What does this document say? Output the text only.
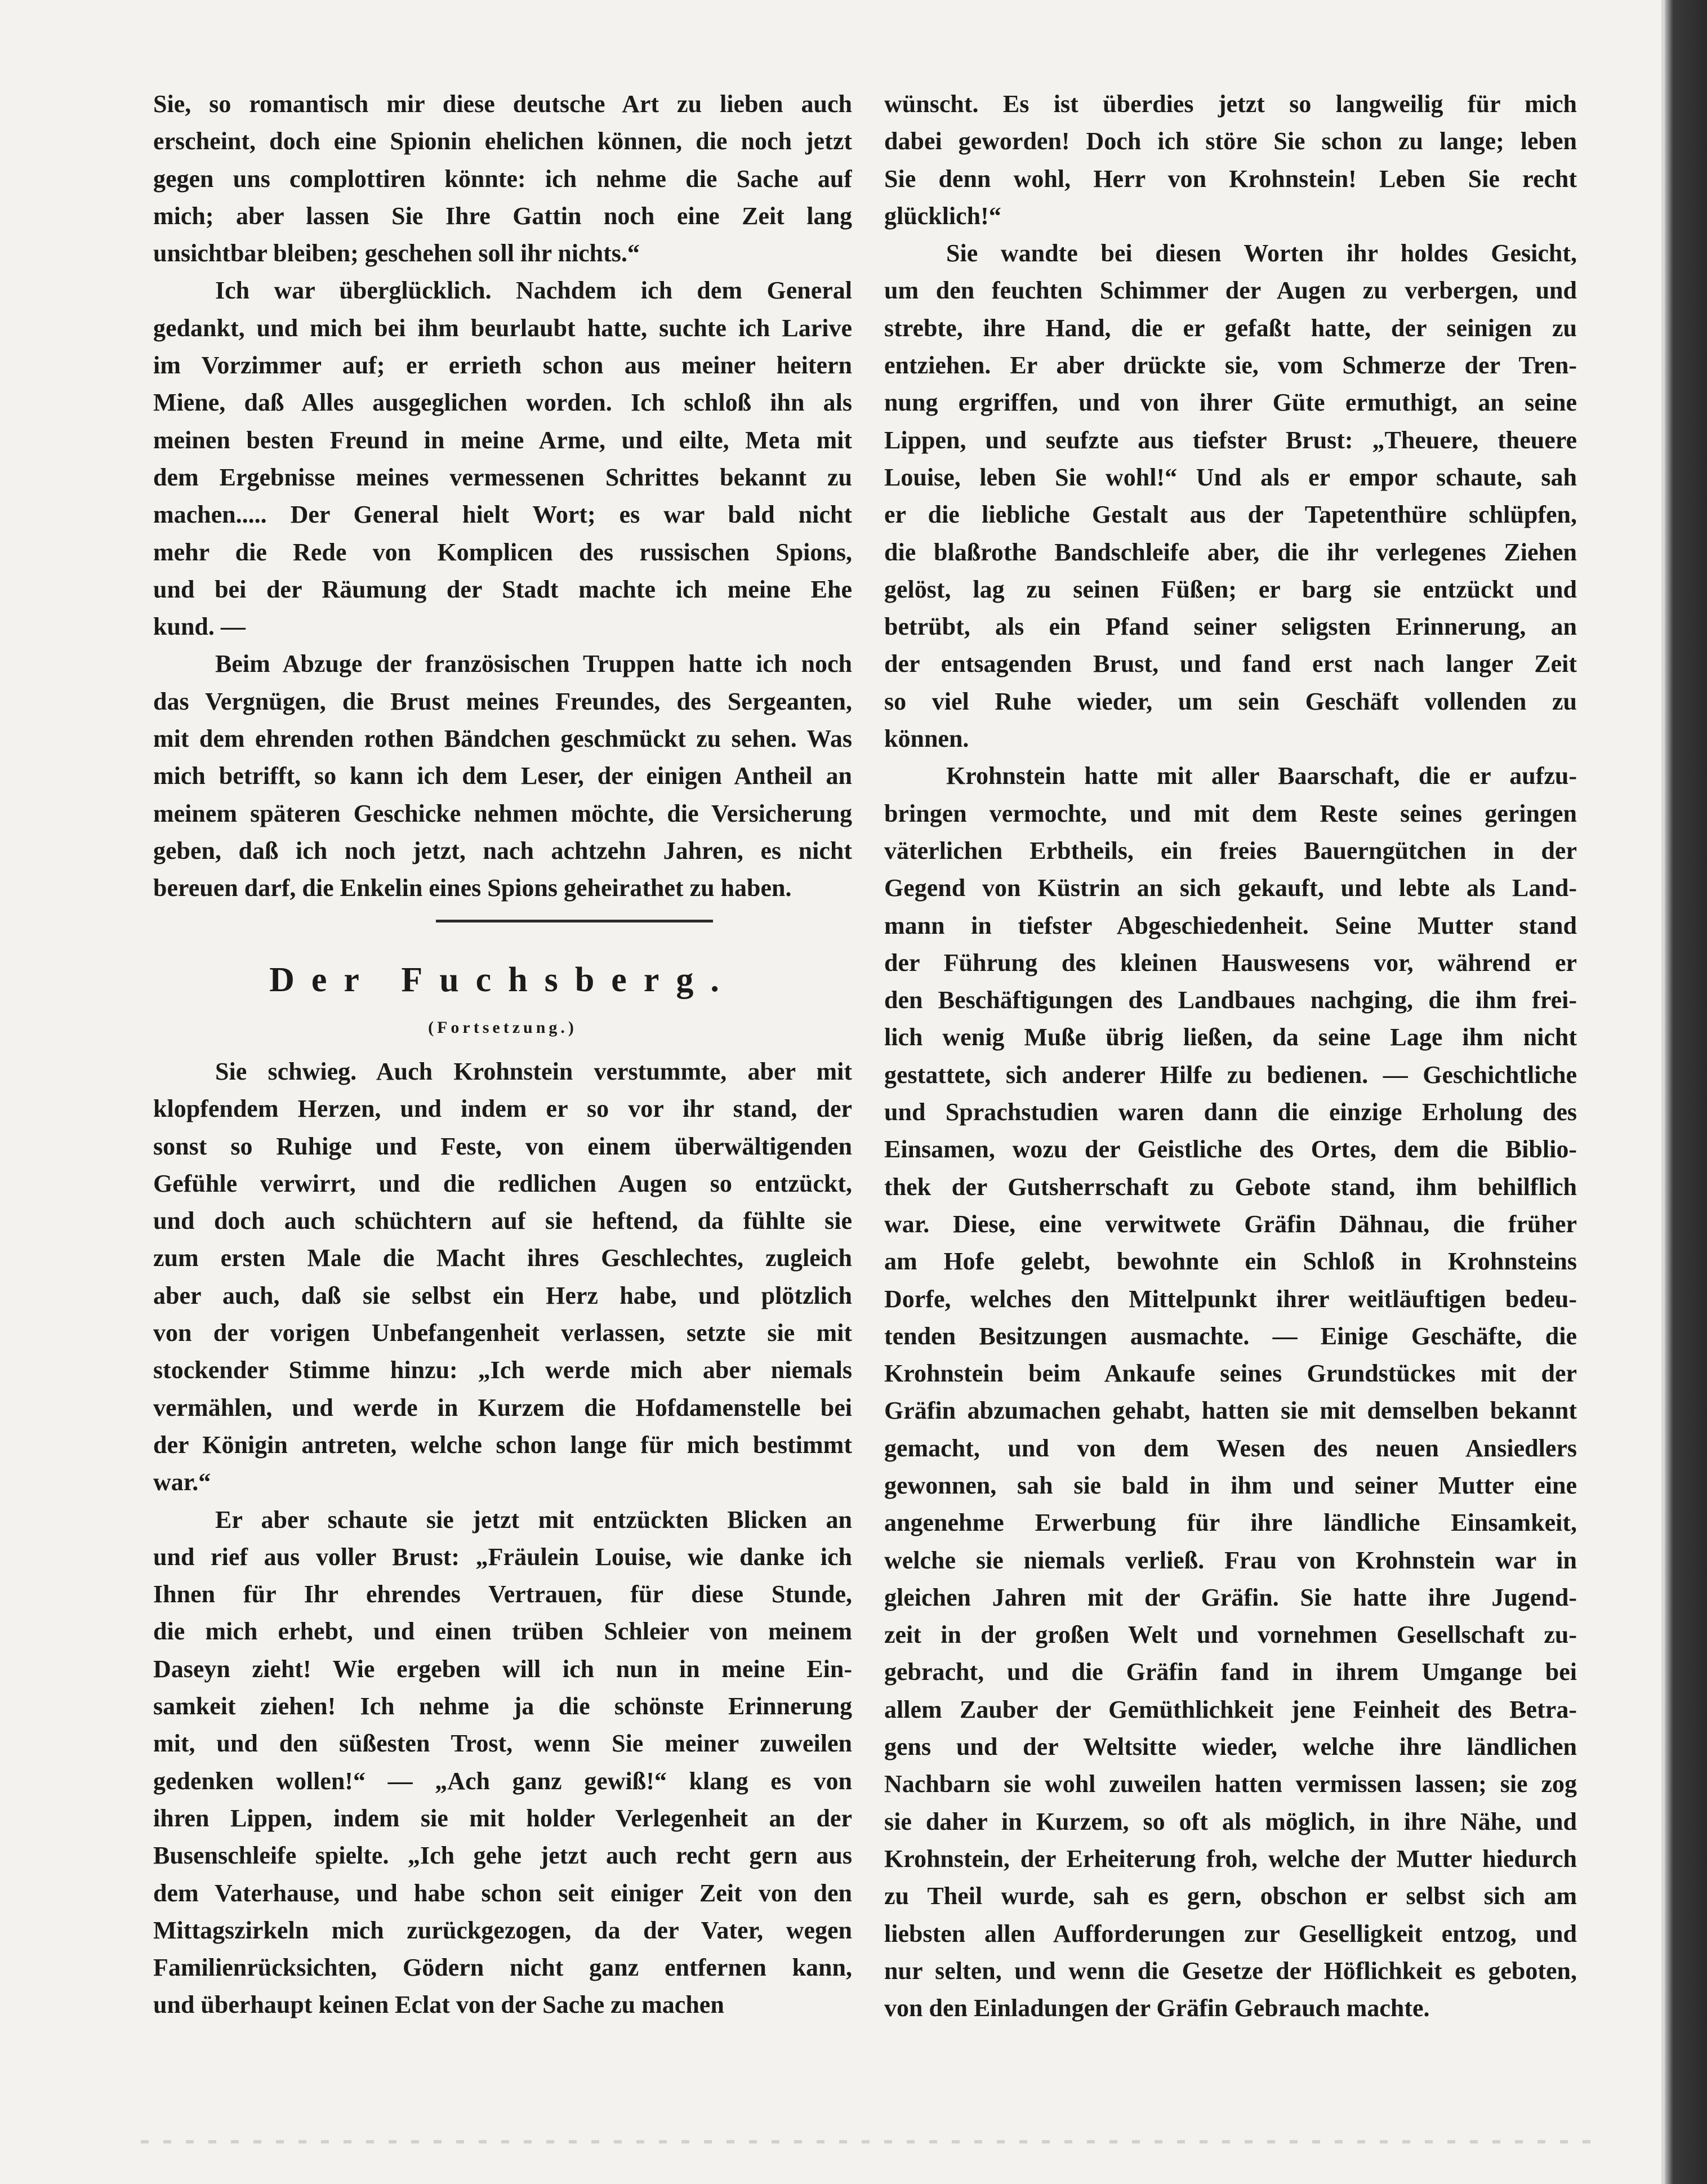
Sie, so romantisch mir diese deutsche Art zu lieben auch
erscheint, doch eine Spionin ehelichen können, die noch jetzt
gegen uns complottiren könnte: ich nehme die Sache auf
mich; aber lassen Sie Ihre Gattin noch eine Zeit lang
unsichtbar bleiben; geschehen soll ihr nichts.“
Ich war überglücklich. Nachdem ich dem General
gedankt, und mich bei ihm beurlaubt hatte, suchte ich Larive
im Vorzimmer auf; er errieth schon aus meiner heitern
Miene, daß Alles ausgeglichen worden. Ich schloß ihn als
meinen besten Freund in meine Arme, und eilte, Meta mit
dem Ergebnisse meines vermessenen Schrittes bekannt zu
machen..... Der General hielt Wort; es war bald nicht
mehr die Rede von Komplicen des russischen Spions,
und bei der Räumung der Stadt machte ich meine Ehe
kund. —
Beim Abzuge der französischen Truppen hatte ich noch
das Vergnügen, die Brust meines Freundes, des Sergeanten,
mit dem ehrenden rothen Bändchen geschmückt zu sehen. Was
mich betrifft, so kann ich dem Leser, der einigen Antheil an
meinem späteren Geschicke nehmen möchte, die Versicherung
geben, daß ich noch jetzt, nach achtzehn Jahren, es nicht
bereuen darf, die Enkelin eines Spions geheirathet zu haben.
Der Fuchsberg.
(Fortsetzung.)
Sie schwieg. Auch Krohnstein verstummte, aber mit
klopfendem Herzen, und indem er so vor ihr stand, der
sonst so Ruhige und Feste, von einem überwältigenden
Gefühle verwirrt, und die redlichen Augen so entzückt,
und doch auch schüchtern auf sie heftend, da fühlte sie
zum ersten Male die Macht ihres Geschlechtes, zugleich
aber auch, daß sie selbst ein Herz habe, und plötzlich
von der vorigen Unbefangenheit verlassen, setzte sie mit
stockender Stimme hinzu: „Ich werde mich aber niemals
vermählen, und werde in Kurzem die Hofdamenstelle bei
der Königin antreten, welche schon lange für mich bestimmt
war.“
Er aber schaute sie jetzt mit entzückten Blicken an
und rief aus voller Brust: „Fräulein Louise, wie danke ich
Ihnen für Ihr ehrendes Vertrauen, für diese Stunde,
die mich erhebt, und einen trüben Schleier von meinem
Daseyn zieht! Wie ergeben will ich nun in meine Ein-
samkeit ziehen! Ich nehme ja die schönste Erinnerung
mit, und den süßesten Trost, wenn Sie meiner zuweilen
gedenken wollen!“ — „Ach ganz gewiß!“ klang es von
ihren Lippen, indem sie mit holder Verlegenheit an der
Busenschleife spielte. „Ich gehe jetzt auch recht gern aus
dem Vaterhause, und habe schon seit einiger Zeit von den
Mittagszirkeln mich zurückgezogen, da der Vater, wegen
Familienrücksichten, Gödern nicht ganz entfernen kann,
und überhaupt keinen Eclat von der Sache zu machen
wünscht. Es ist überdies jetzt so langweilig für mich
dabei geworden! Doch ich störe Sie schon zu lange; leben
Sie denn wohl, Herr von Krohnstein! Leben Sie recht
glücklich!“
Sie wandte bei diesen Worten ihr holdes Gesicht,
um den feuchten Schimmer der Augen zu verbergen, und
strebte, ihre Hand, die er gefaßt hatte, der seinigen zu
entziehen. Er aber drückte sie, vom Schmerze der Tren-
nung ergriffen, und von ihrer Güte ermuthigt, an seine
Lippen, und seufzte aus tiefster Brust: „Theuere, theuere
Louise, leben Sie wohl!“ Und als er empor schaute, sah
er die liebliche Gestalt aus der Tapetenthüre schlüpfen,
die blaßrothe Bandschleife aber, die ihr verlegenes Ziehen
gelöst, lag zu seinen Füßen; er barg sie entzückt und
betrübt, als ein Pfand seiner seligsten Erinnerung, an
der entsagenden Brust, und fand erst nach langer Zeit
so viel Ruhe wieder, um sein Geschäft vollenden zu
können.
Krohnstein hatte mit aller Baarschaft, die er aufzu-
bringen vermochte, und mit dem Reste seines geringen
väterlichen Erbtheils, ein freies Bauerngütchen in der
Gegend von Küstrin an sich gekauft, und lebte als Land-
mann in tiefster Abgeschiedenheit. Seine Mutter stand
der Führung des kleinen Hauswesens vor, während er
den Beschäftigungen des Landbaues nachging, die ihm frei-
lich wenig Muße übrig ließen, da seine Lage ihm nicht
gestattete, sich anderer Hilfe zu bedienen. — Geschichtliche
und Sprachstudien waren dann die einzige Erholung des
Einsamen, wozu der Geistliche des Ortes, dem die Biblio-
thek der Gutsherrschaft zu Gebote stand, ihm behilflich
war. Diese, eine verwitwete Gräfin Dähnau, die früher
am Hofe gelebt, bewohnte ein Schloß in Krohnsteins
Dorfe, welches den Mittelpunkt ihrer weitläuftigen bedeu-
tenden Besitzungen ausmachte. — Einige Geschäfte, die
Krohnstein beim Ankaufe seines Grundstückes mit der
Gräfin abzumachen gehabt, hatten sie mit demselben bekannt
gemacht, und von dem Wesen des neuen Ansiedlers
gewonnen, sah sie bald in ihm und seiner Mutter eine
angenehme Erwerbung für ihre ländliche Einsamkeit,
welche sie niemals verließ. Frau von Krohnstein war in
gleichen Jahren mit der Gräfin. Sie hatte ihre Jugend-
zeit in der großen Welt und vornehmen Gesellschaft zu-
gebracht, und die Gräfin fand in ihrem Umgange bei
allem Zauber der Gemüthlichkeit jene Feinheit des Betra-
gens und der Weltsitte wieder, welche ihre ländlichen
Nachbarn sie wohl zuweilen hatten vermissen lassen; sie zog
sie daher in Kurzem, so oft als möglich, in ihre Nähe, und
Krohnstein, der Erheiterung froh, welche der Mutter hiedurch
zu Theil wurde, sah es gern, obschon er selbst sich am
liebsten allen Aufforderungen zur Geselligkeit entzog, und
nur selten, und wenn die Gesetze der Höflichkeit es geboten,
von den Einladungen der Gräfin Gebrauch machte.
